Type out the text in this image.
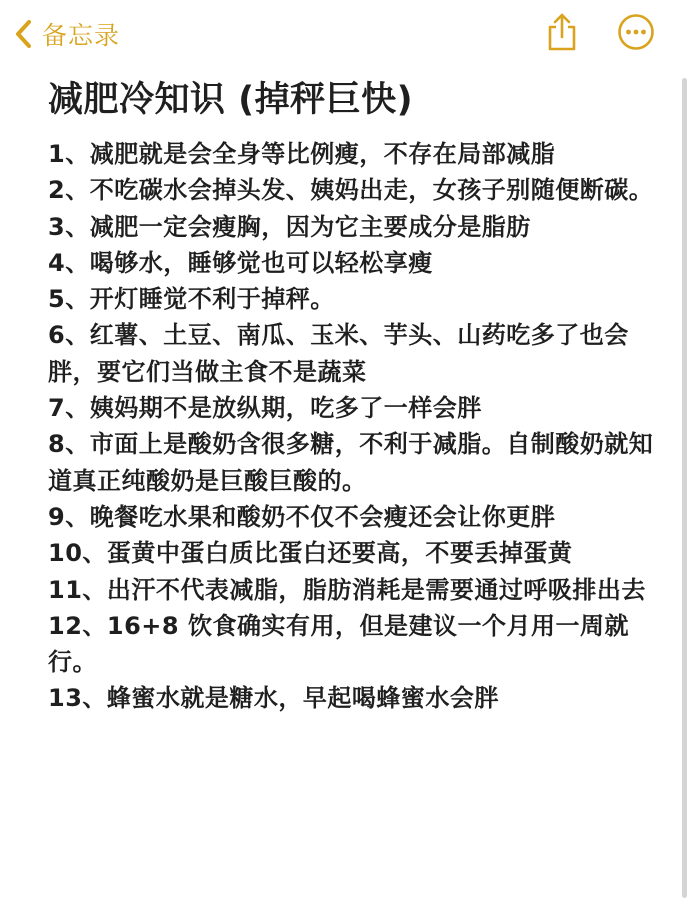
备忘录
减肥冷知识 (掉秤巨快)
1、减肥就是会全身等比例瘦，不存在局部减脂
2、不吃碳水会掉头发、姨妈出走，女孩子别随便断碳。
3、减肥一定会瘦胸，因为它主要成分是脂肪
4、喝够水，睡够觉也可以轻松享瘦
5、开灯睡觉不利于掉秤。
6、红薯、土豆、南瓜、玉米、芋头、山药吃多了也会胖，要它们当做主食不是蔬菜
7、姨妈期不是放纵期，吃多了一样会胖
8、市面上是酸奶含很多糖，不利于减脂。自制酸奶就知道真正纯酸奶是巨酸巨酸的。
9、晚餐吃水果和酸奶不仅不会瘦还会让你更胖
10、蛋黄中蛋白质比蛋白还要高，不要丢掉蛋黄
11、出汗不代表减脂，脂肪消耗是需要通过呼吸排出去
12、16+8 饮食确实有用，但是建议一个月用一周就行。
13、蜂蜜水就是糖水，早起喝蜂蜜水会胖
